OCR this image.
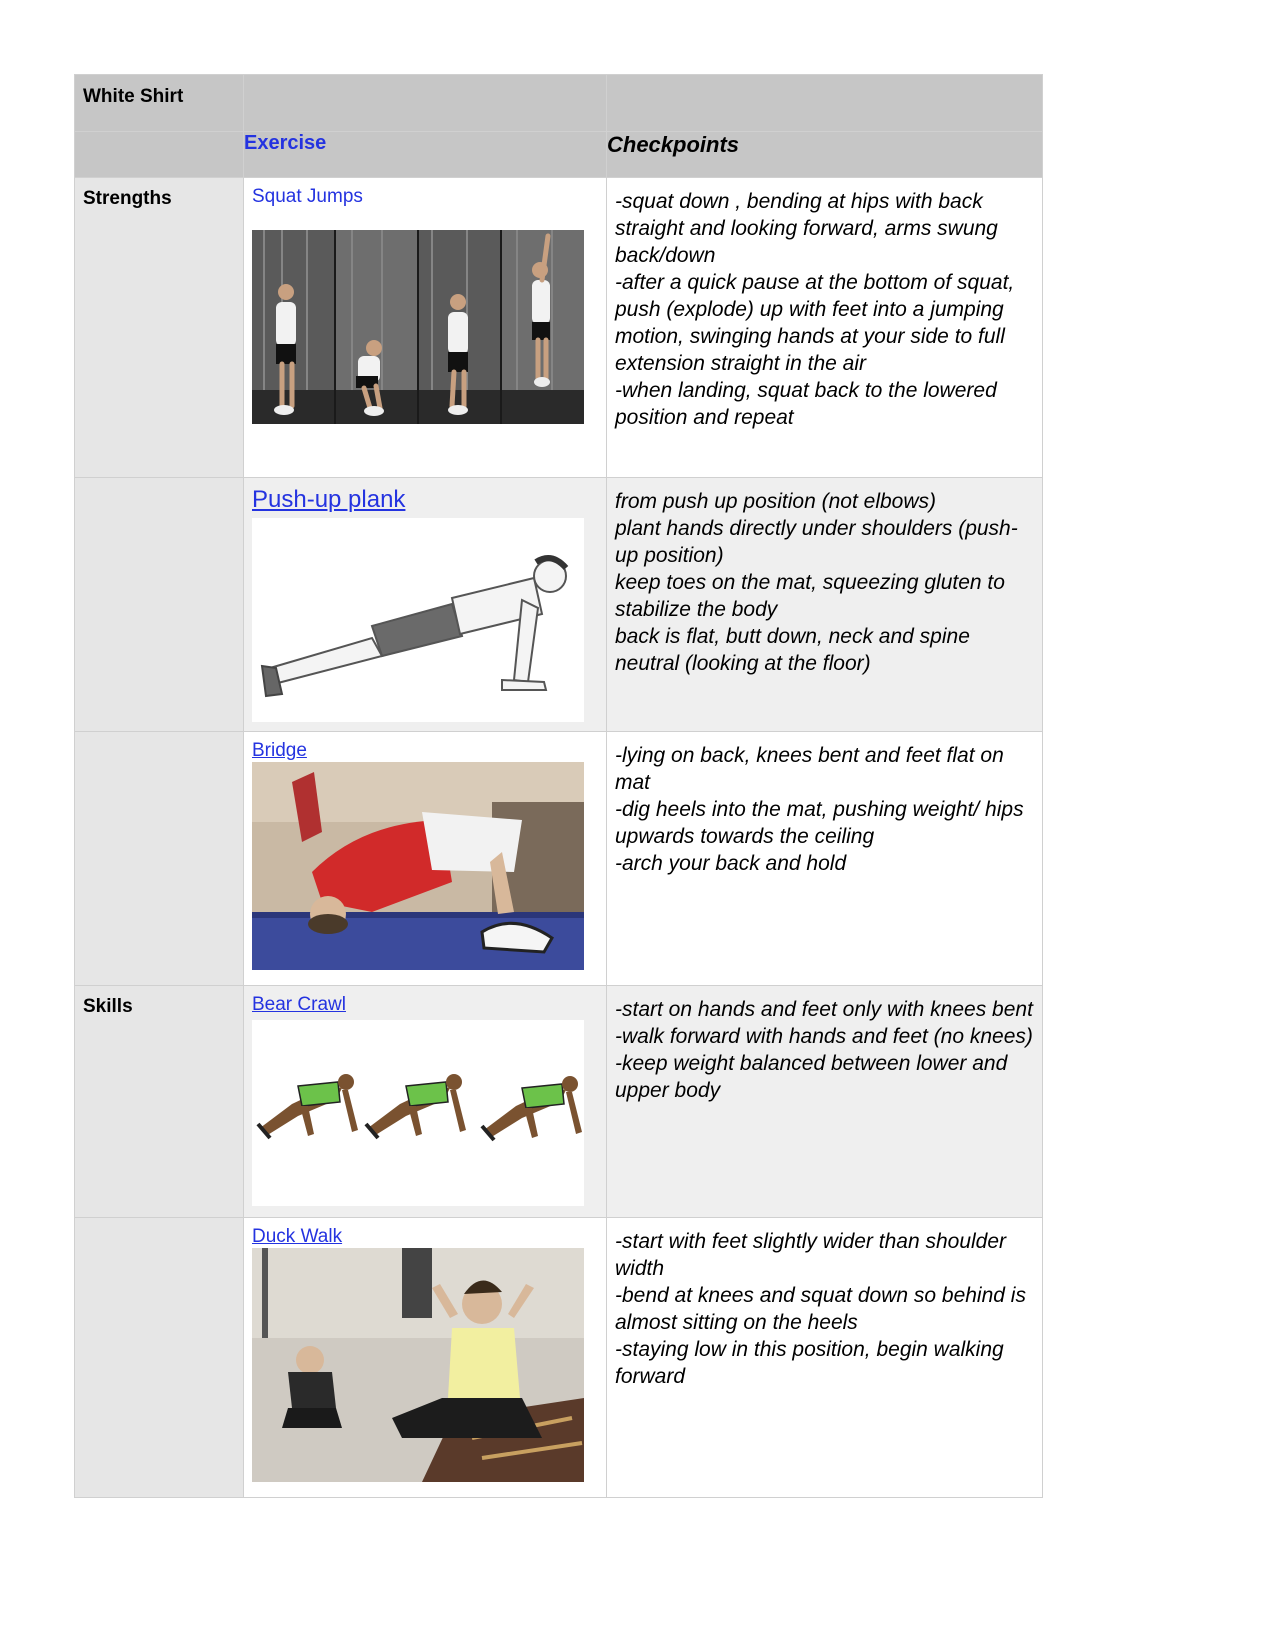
White Shirt		
	Exercise	Checkpoints
Strengths	Squat Jumps	-squat down , bending at hips with back straight and looking forward, arms swung back/down
-after a quick pause at the bottom of squat, push (explode) up with feet into a jumping motion, swinging hands at your side to full extension straight in the air
-when landing, squat back to the lowered position and repeat

	Push-up plank	from push up position (not elbows)
plant hands directly under shoulders (push-up position)
keep toes on the mat, squeezing gluten to stabilize the body
back is flat, butt down, neck and spine neutral (looking at the floor)

	Bridge	-lying on back, knees bent and feet flat on mat
-dig heels into the mat, pushing weight/ hips upwards towards the ceiling
-arch your back and hold

Skills	Bear Crawl	-start on hands and feet only with knees bent
-walk forward with hands and feet (no knees)
-keep weight balanced between lower and upper body

	Duck Walk	-start with feet slightly wider than shoulder width
-bend at knees and squat down so behind is almost sitting on the heels
-staying low in this position, begin walking forward
